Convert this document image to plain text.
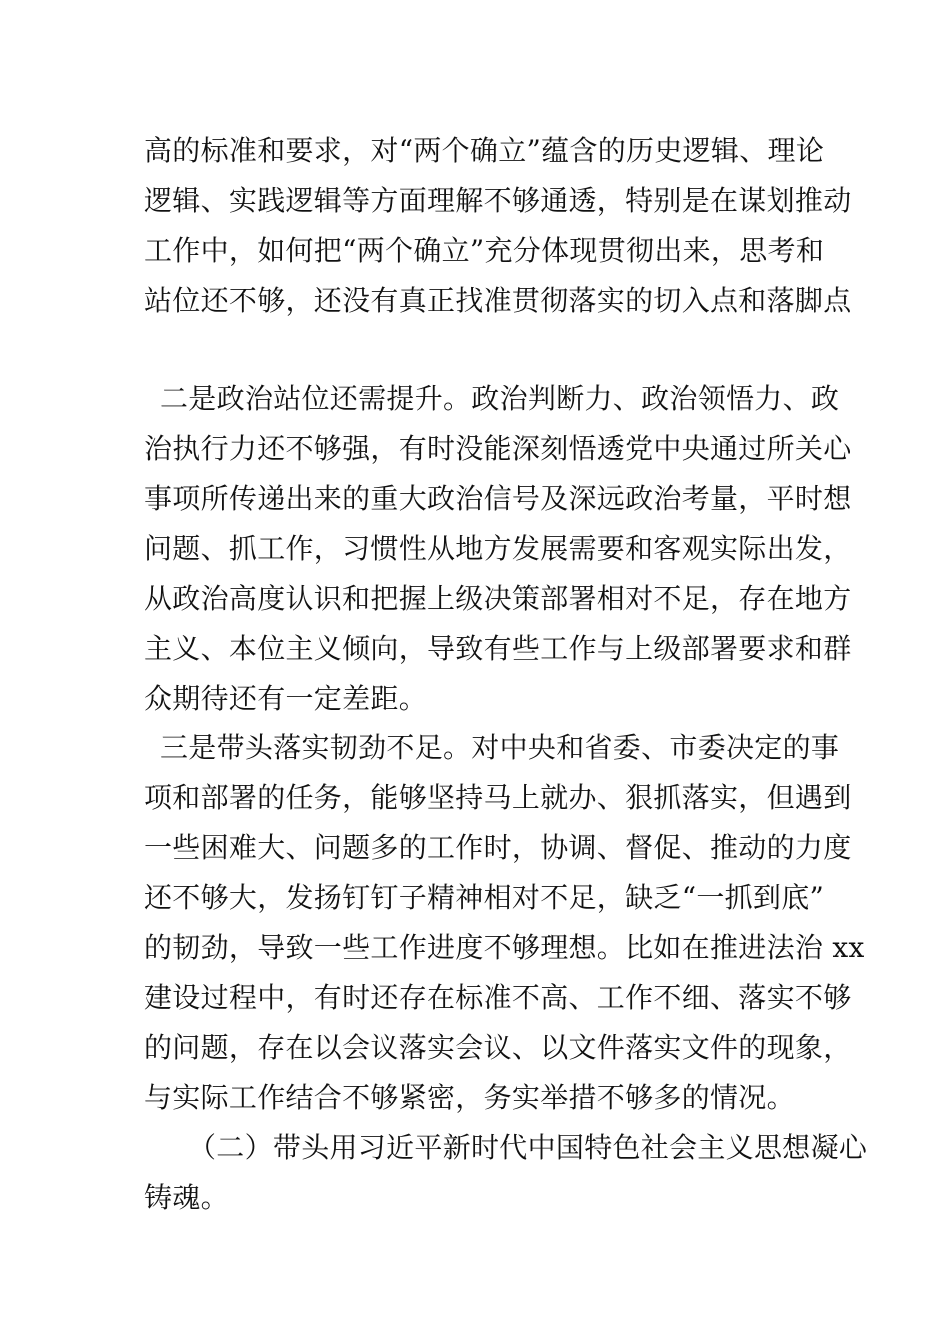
高的标准和要求，对“两个确立”蕴含的历史逻辑、理论
逻辑、实践逻辑等方面理解不够通透，特别是在谋划推动
工作中，如何把“两个确立”充分体现贯彻出来，思考和
站位还不够，还没有真正找准贯彻落实的切入点和落脚点
二是政治站位还需提升。政治判断力、政治领悟力、政
治执行力还不够强，有时没能深刻悟透党中央通过所关心
事项所传递出来的重大政治信号及深远政治考量，平时想
问题、抓工作，习惯性从地方发展需要和客观实际出发，
从政治高度认识和把握上级决策部署相对不足，存在地方
主义、本位主义倾向，导致有些工作与上级部署要求和群
众期待还有一定差距。
三是带头落实韧劲不足。对中央和省委、市委决定的事
项和部署的任务，能够坚持马上就办、狠抓落实，但遇到
一些困难大、问题多的工作时，协调、督促、推动的力度
还不够大，发扬钉钉子精神相对不足，缺乏“一抓到底”
的韧劲，导致一些工作进度不够理想。比如在推进法治 xx
建设过程中，有时还存在标准不高、工作不细、落实不够
的问题，存在以会议落实会议、以文件落实文件的现象，
与实际工作结合不够紧密，务实举措不够多的情况。
（二）带头用习近平新时代中国特色社会主义思想凝心
铸魂。
